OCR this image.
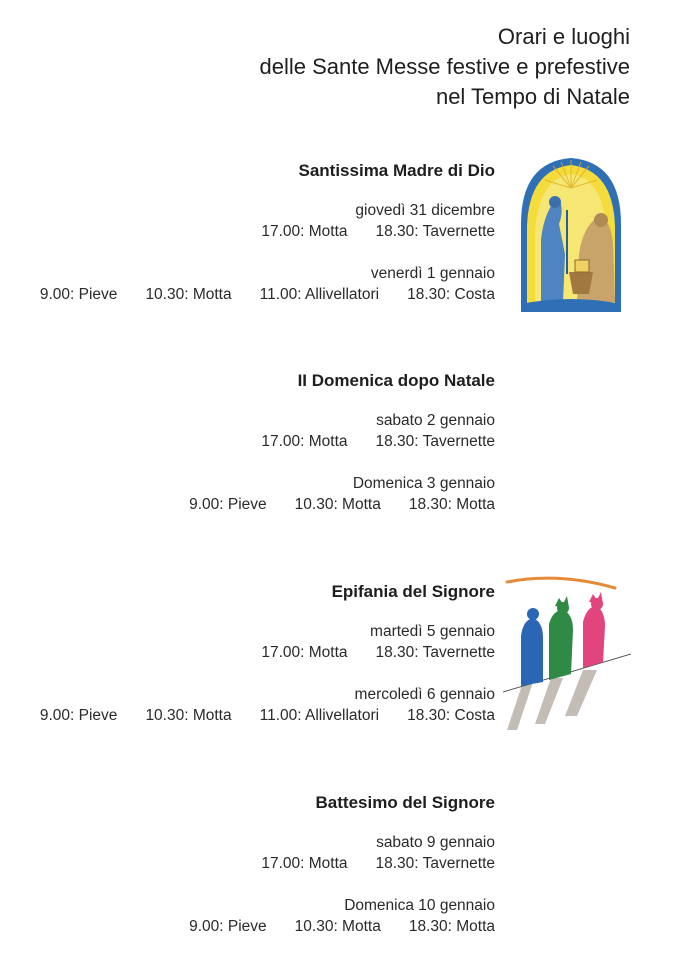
Orari e luoghi
delle Sante Messe festive e prefestive
nel Tempo di Natale
Santissima Madre di Dio
giovedì 31 dicembre
17.00: Motta 18.30: Tavernette
venerdì 1 gennaio
9.00: Pieve 10.30: Motta 11.00: Allivellatori 18.30: Costa
II Domenica dopo Natale
sabato 2 gennaio
17.00: Motta 18.30: Tavernette
Domenica 3 gennaio
9.00: Pieve 10.30: Motta 18.30: Motta
Epifania del Signore
martedì 5 gennaio
17.00: Motta 18.30: Tavernette
mercoledì 6 gennaio
9.00: Pieve 10.30: Motta 11.00: Allivellatori 18.30: Costa
Battesimo del Signore
sabato 9 gennaio
17.00: Motta 18.30: Tavernette
Domenica 10 gennaio
9.00: Pieve 10.30: Motta 18.30: Motta
